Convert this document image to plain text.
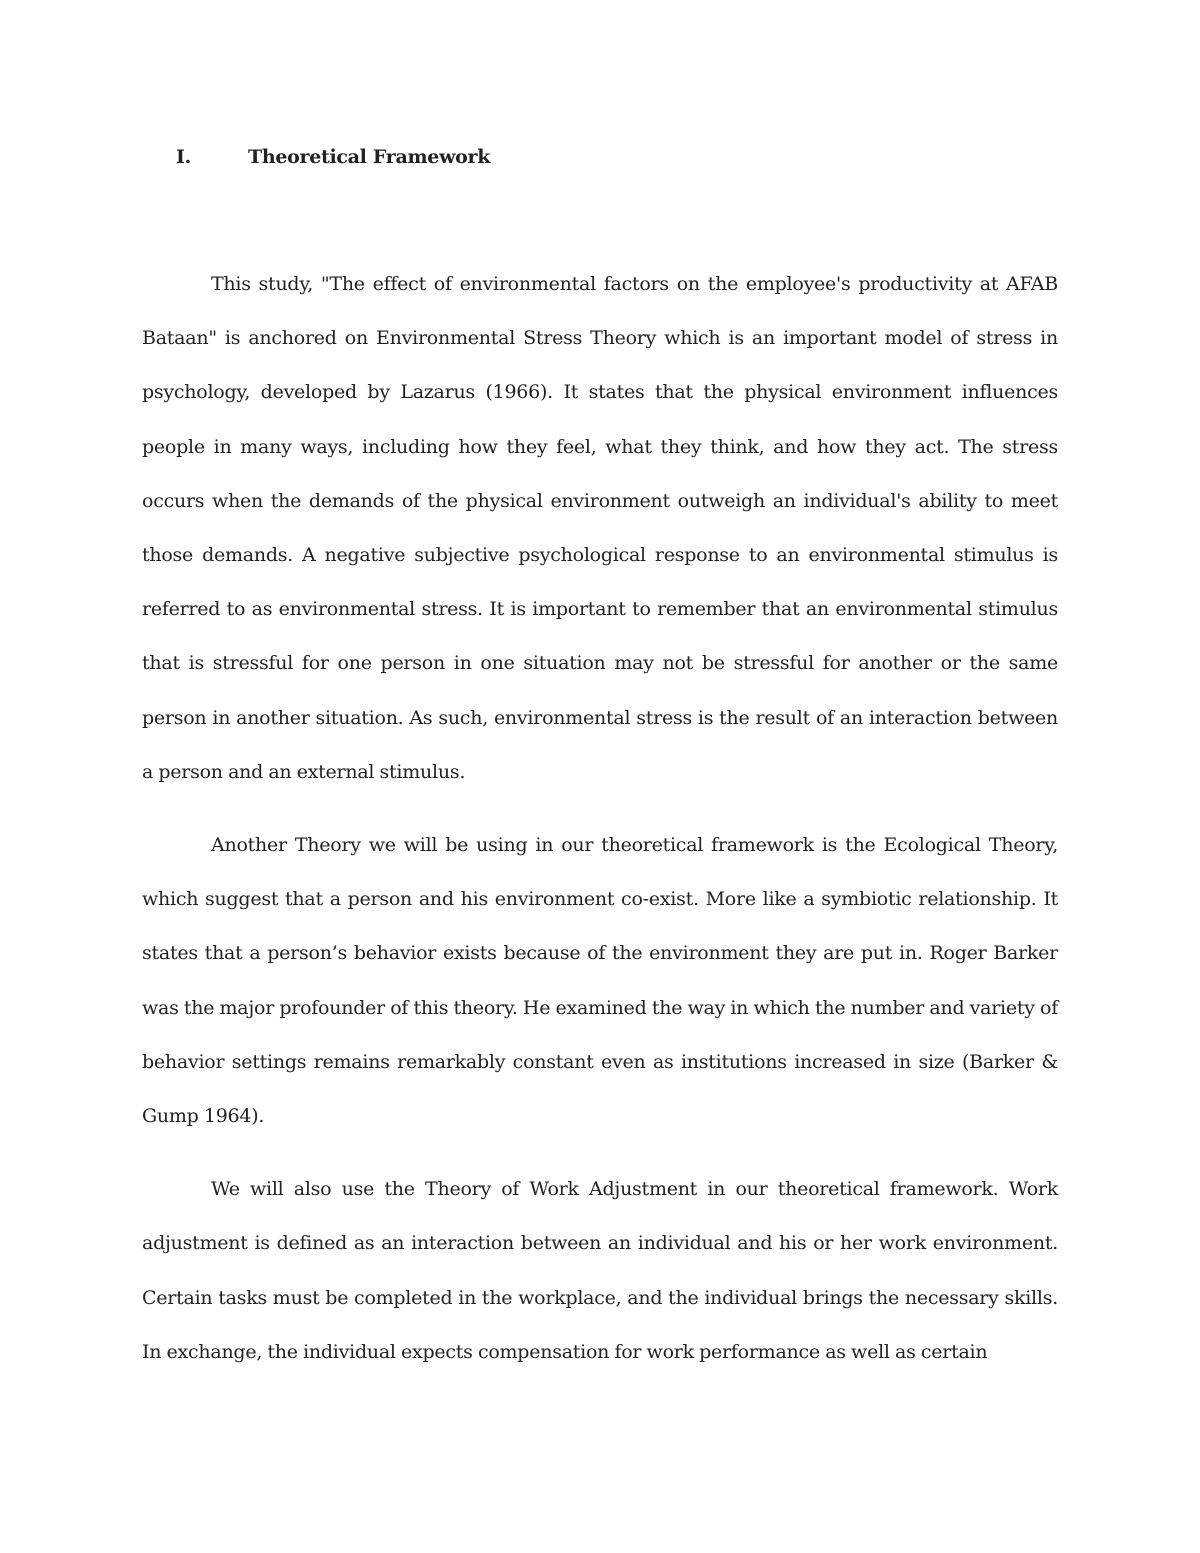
I.	Theoretical Framework

This study, "The effect of environmental factors on the employee's productivity at AFAB Bataan" is anchored on Environmental Stress Theory which is an important model of stress in psychology, developed by Lazarus (1966). It states that the physical environment influences people in many ways, including how they feel, what they think, and how they act. The stress occurs when the demands of the physical environment outweigh an individual's ability to meet those demands. A negative subjective psychological response to an environmental stimulus is referred to as environmental stress. It is important to remember that an environmental stimulus that is stressful for one person in one situation may not be stressful for another or the same person in another situation. As such, environmental stress is the result of an interaction between a person and an external stimulus.

Another Theory we will be using in our theoretical framework is the Ecological Theory, which suggest that a person and his environment co-exist. More like a symbiotic relationship. It states that a person’s behavior exists because of the environment they are put in. Roger Barker was the major profounder of this theory. He examined the way in which the number and variety of behavior settings remains remarkably constant even as institutions increased in size (Barker & Gump 1964).

We will also use the Theory of Work Adjustment in our theoretical framework. Work adjustment is defined as an interaction between an individual and his or her work environment. Certain tasks must be completed in the workplace, and the individual brings the necessary skills. In exchange, the individual expects compensation for work performance as well as certain
